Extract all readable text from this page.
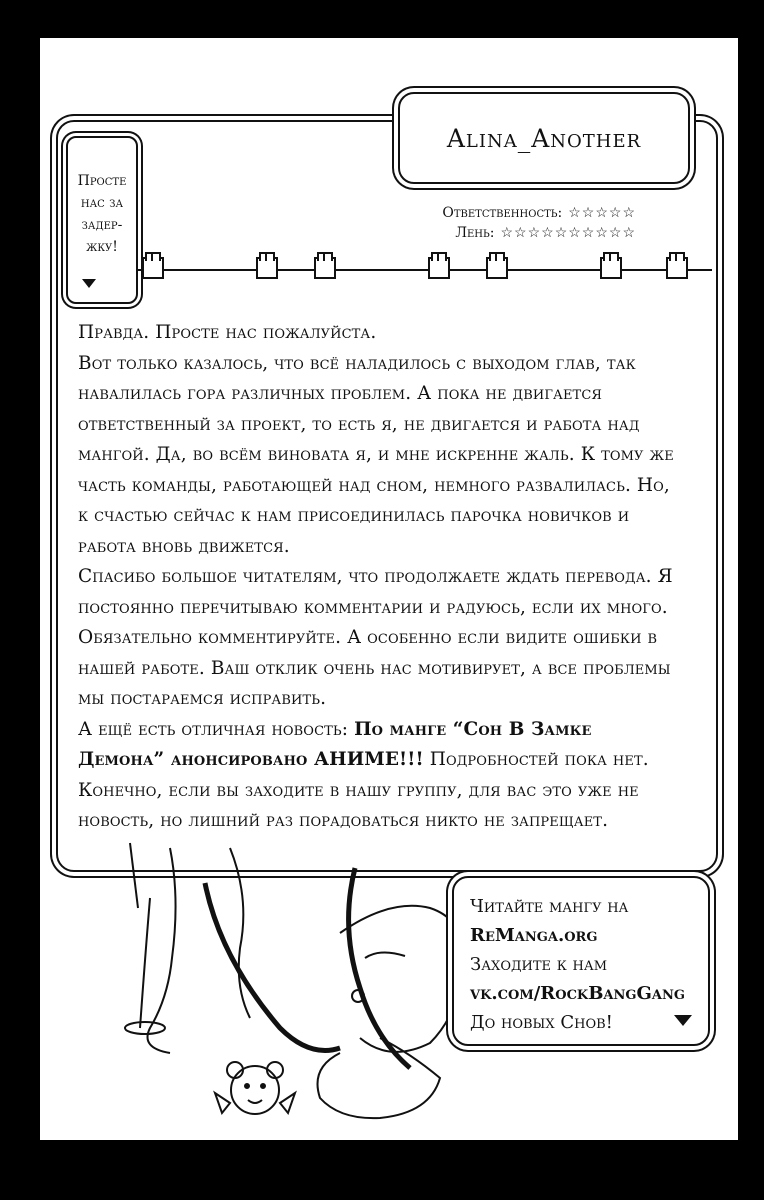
Alina_Another
Просте
нас за
задер-
жку!
Ответственность: ☆☆☆☆☆
Лень: ☆☆☆☆☆☆☆☆☆☆

Правда. Просте нас пожалуйста.

Вот только казалось, что всё наладилось с выходом глав, так навалилась гора различных проблем. А пока не двигается ответственный за проект, то есть я, не двигается и работа над мангой. Да, во всём виновата я, и мне искренне жаль. К тому же часть команды, работающей над сном, немного развалилась. Но, к счастью сейчас к нам присоединилась парочка новичков и работа вновь движется.

Спасибо большое читателям, что продолжаете ждать перевода. Я постоянно перечитываю комментарии и радуюсь, если их много. Обязательно комментируйте. А особенно если видите ошибки в нашей работе. Ваш отклик очень нас мотивирует, а все проблемы мы постараемся исправить.

А ещё есть отличная новость: По манге “Сон В Замке Демона” анонсировано АНИМЕ!!! Подробностей пока нет. Конечно, если вы заходите в нашу группу, для вас это уже не новость, но лишний раз порадоваться никто не запрещает.

Читайте мангу на
ReManga.org
Заходите к нам
vk.com/RockBangGang
До новых Снов!
